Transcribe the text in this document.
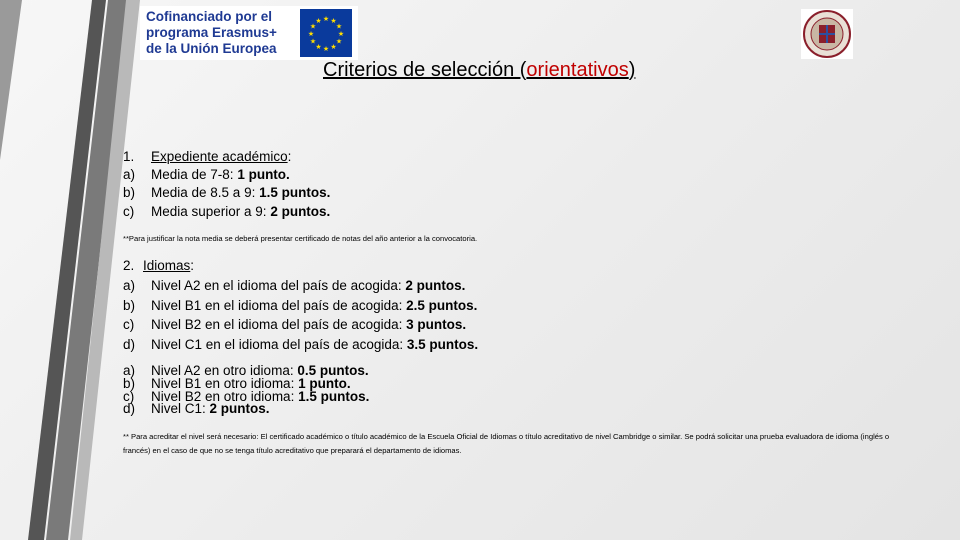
Cofinanciado por el
programa Erasmus+
de la Unión Europea
★ ★
★
★
★
★
★
★
★
★
★
★
Criterios de selección (orientativos)
1.	Expediente académico:
a)	Media de 7-8: 1 punto.
b)	Media de 8.5 a 9: 1.5 puntos.
c)	Media superior a 9: 2 puntos.
**Para justificar la nota media se deberá presentar certificado de notas del año anterior a la convocatoria.
2. Idiomas:
a)	Nivel A2 en el idioma del país de acogida: 2 puntos.
b)	Nivel B1 en el idioma del país de acogida: 2.5 puntos.
c)	Nivel B2 en el idioma del país de acogida: 3 puntos.
d)	Nivel C1 en el idioma del país de acogida: 3.5 puntos.
a)	Nivel A2 en otro idioma: 0.5 puntos.
b)	Nivel B1 en otro idioma: 1 punto.
c)	Nivel B2 en otro idioma: 1.5 puntos.
d)	Nivel C1: 2 puntos.
** Para acreditar el nivel será necesario: El certificado académico o título académico de la Escuela Oficial de Idiomas o título acreditativo de nivel Cambridge o similar. Se podrá solicitar una prueba evaluadora de idioma (inglés o francés) en el caso de que no se tenga título acreditativo que preparará el departamento de idiomas.
